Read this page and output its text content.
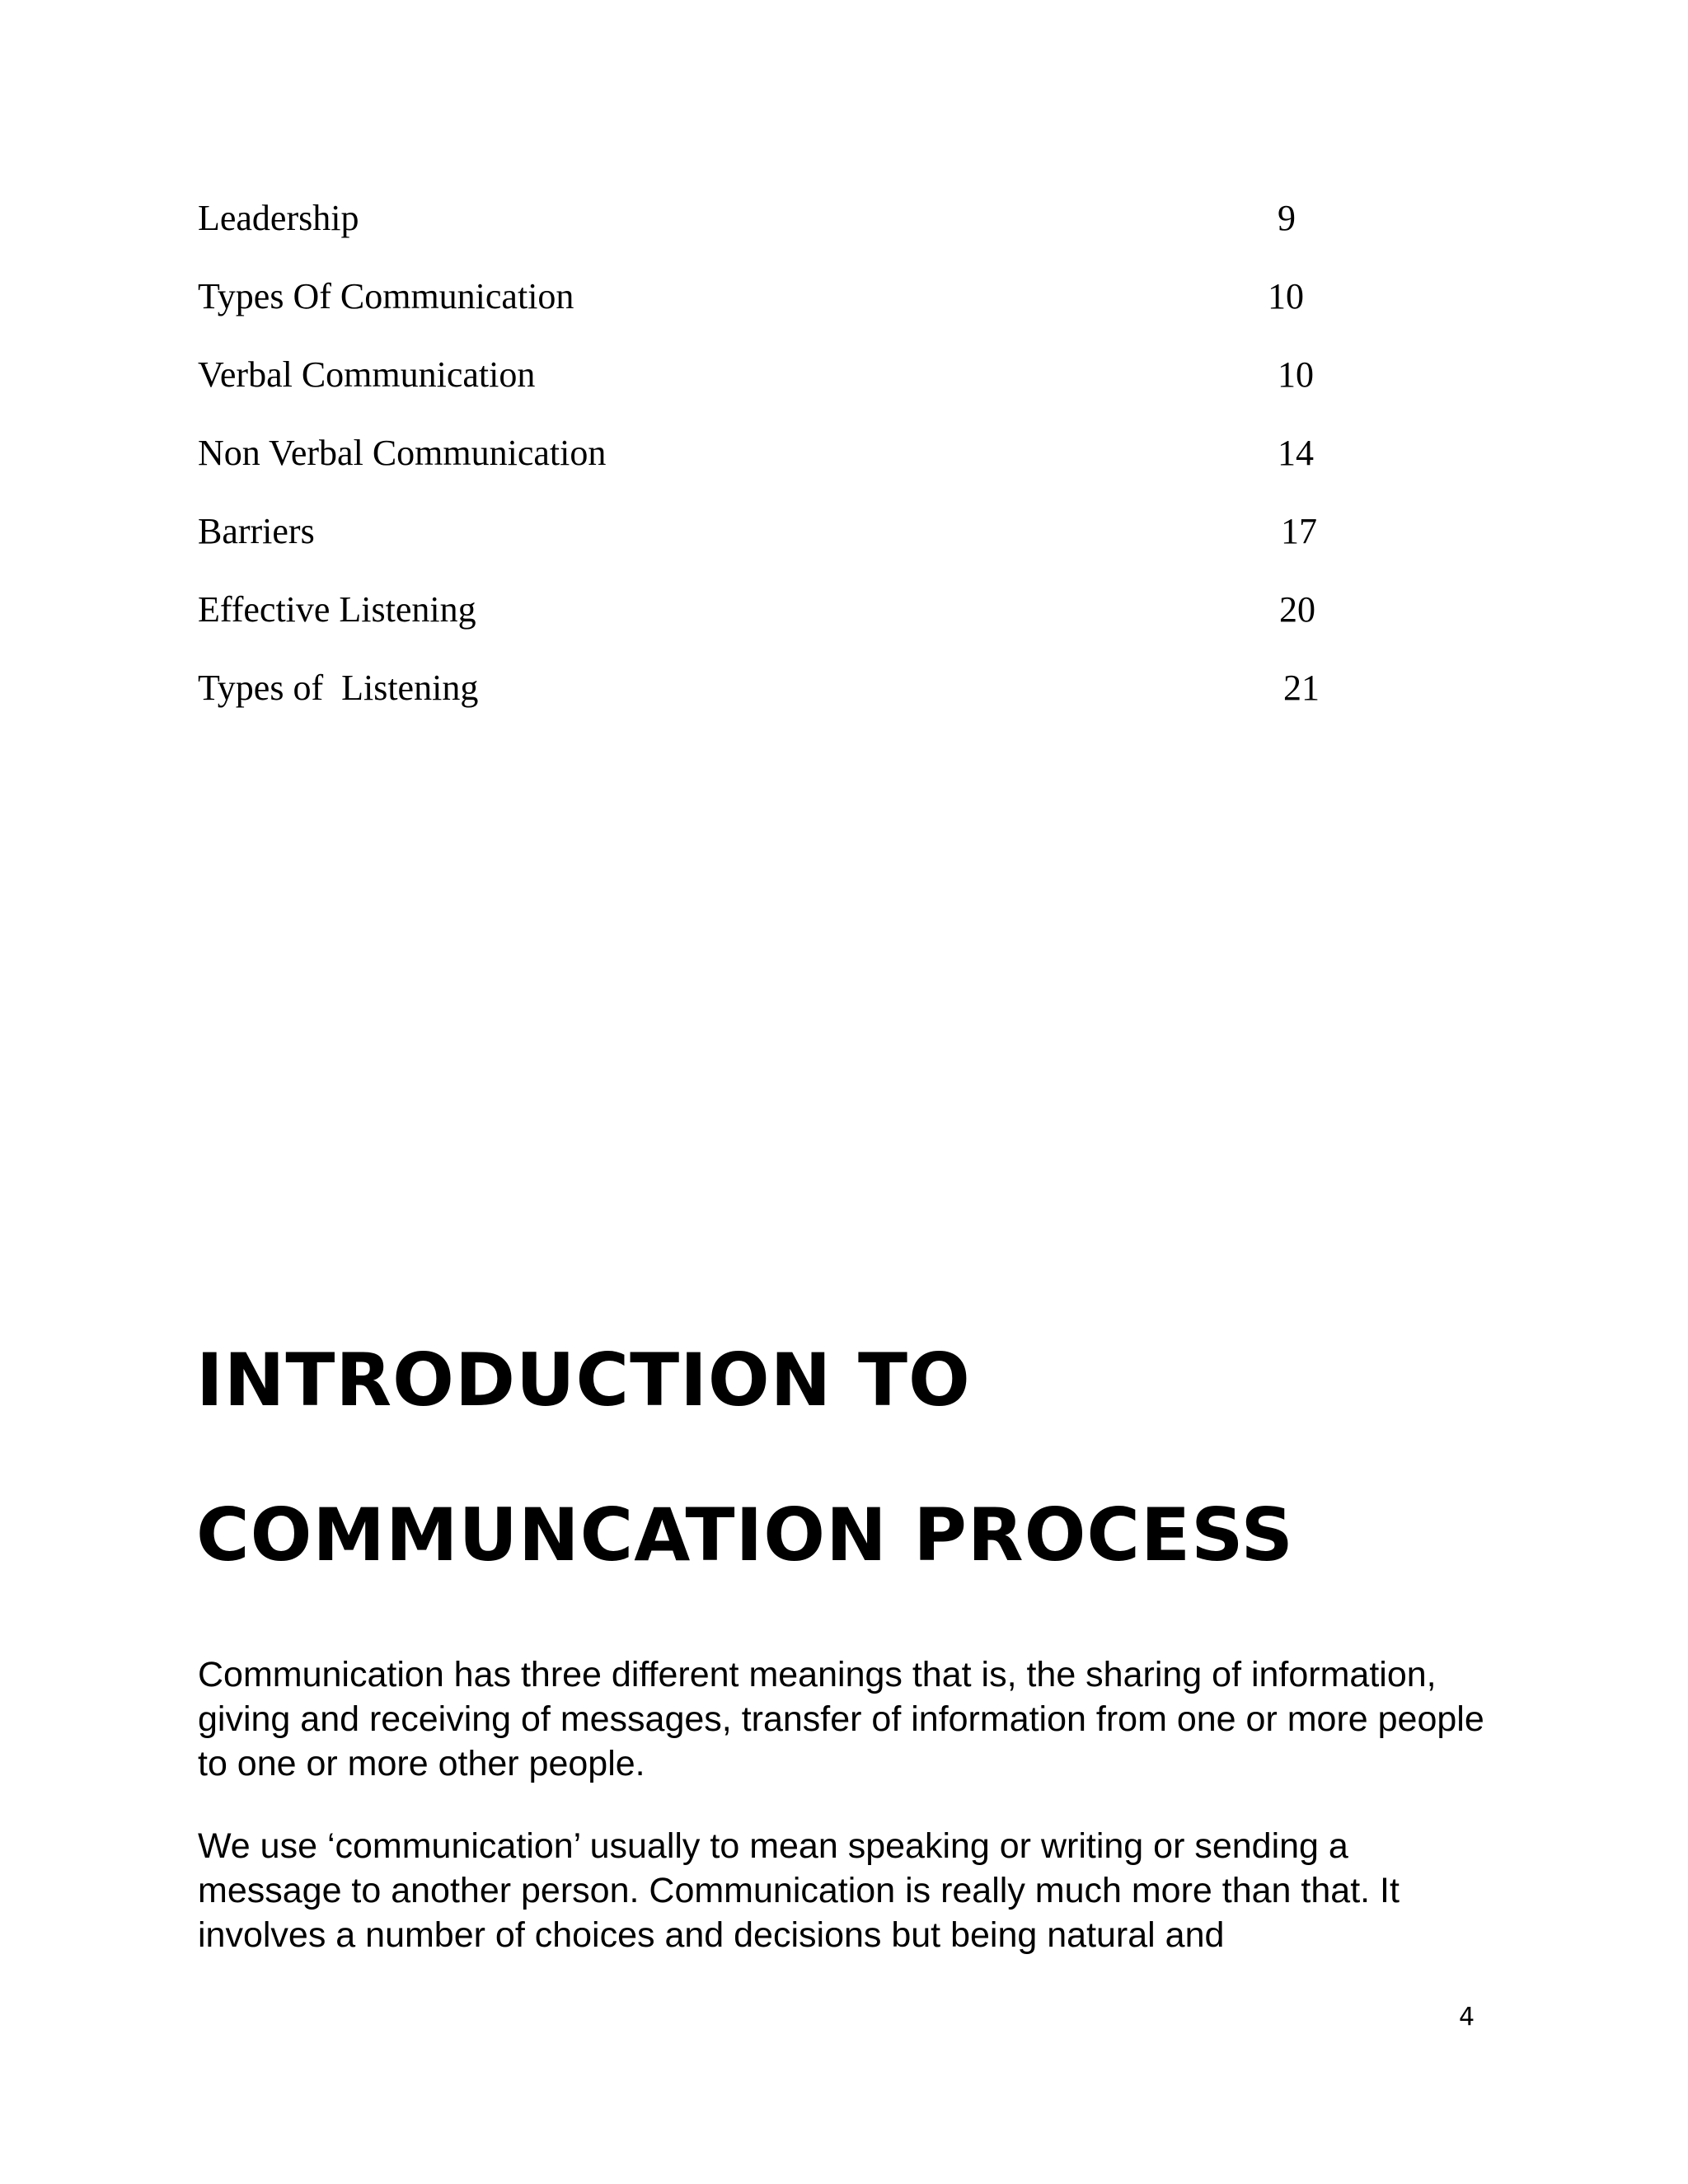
Leadership	9
Types Of Communication	10
Verbal Communication	10
Non Verbal Communication	14
Barriers	17
Effective Listening	20
Types of  Listening	21
INTRODUCTION TO
COMMUNCATION PROCESS

Communication has three different meanings that is, the sharing of information, giving and receiving of messages, transfer of information from one or more people to one or more other people.

We use ‘communication’ usually to mean speaking or writing or sending a message to another person. Communication is really much more than that. It involves a number of choices and decisions but being natural and

4
